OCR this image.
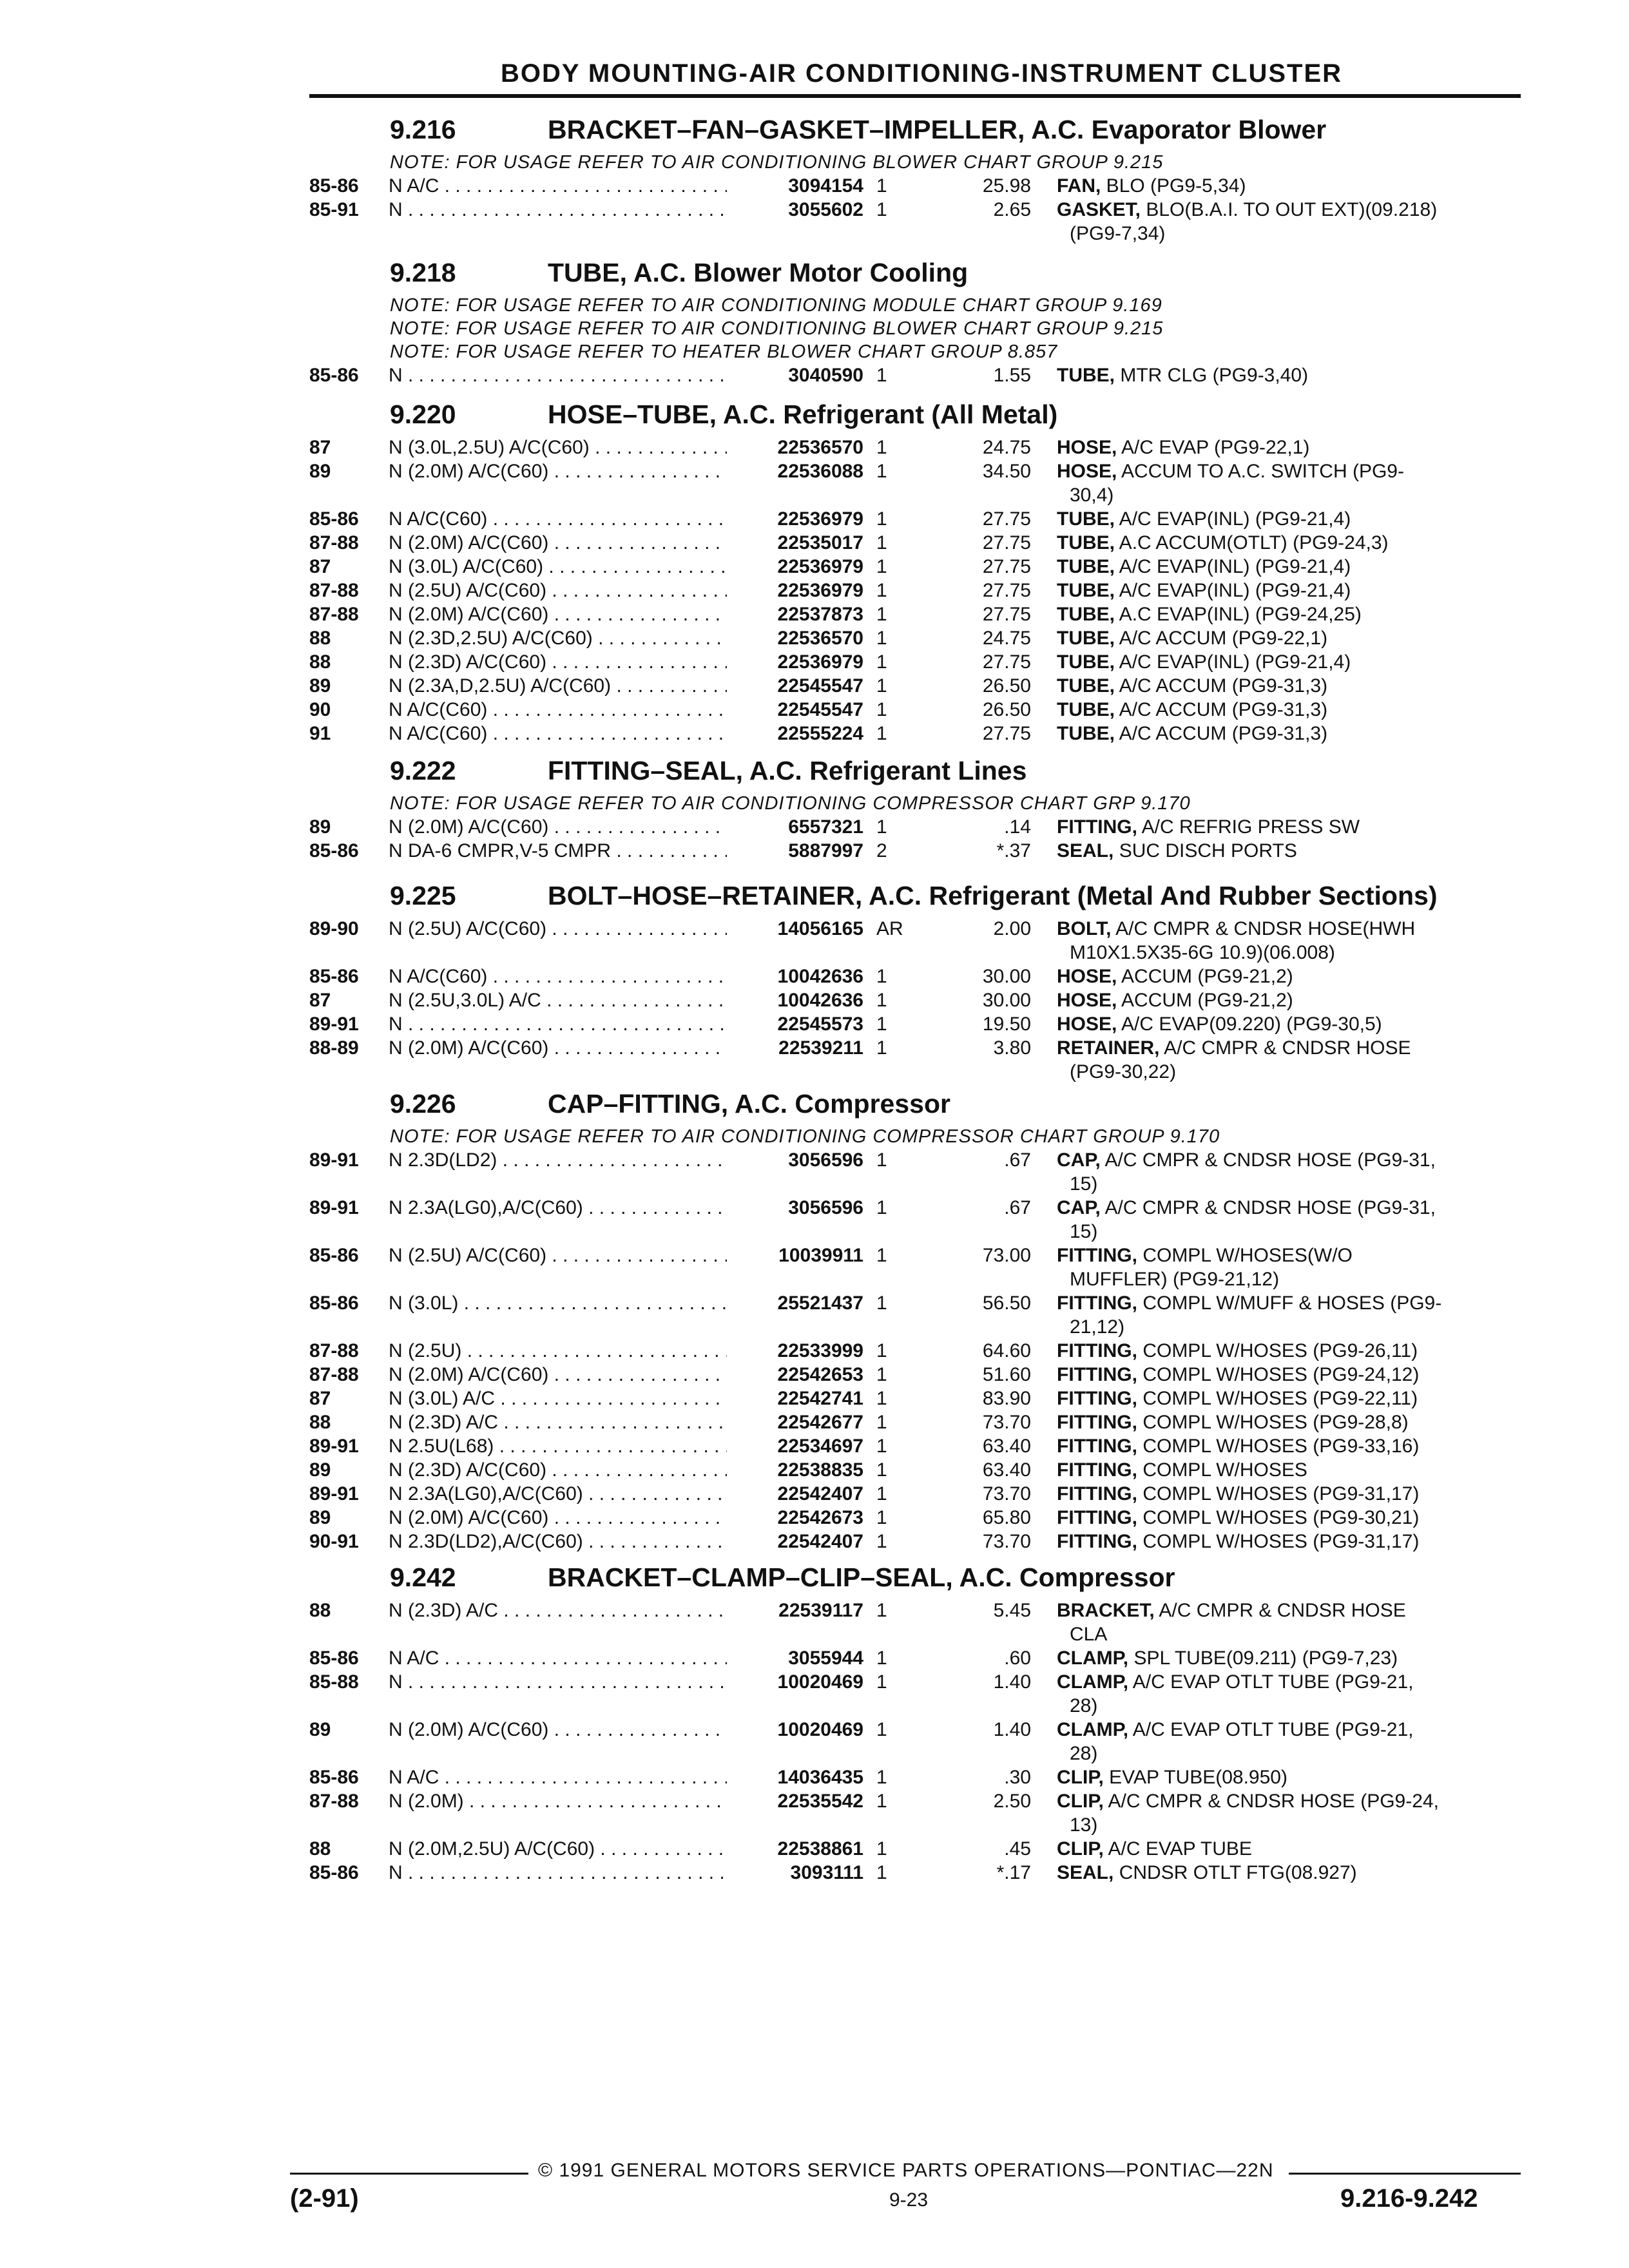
BODY MOUNTING-AIR CONDITIONING-INSTRUMENT CLUSTER
9.216	BRACKET–FAN–GASKET–IMPELLER, A.C. Evaporator Blower
NOTE: FOR USAGE REFER TO AIR CONDITIONING BLOWER CHART GROUP 9.215
85-86 N A/C . . .	3094154 1	25.98 FAN, BLO (PG9-5,34)
85-91 N . . .	3055602 1	2.65 GASKET, BLO(B.A.I. TO OUT EXT)(09.218)
(PG9-7,34)
9.218	TUBE, A.C. Blower Motor Cooling
NOTE: FOR USAGE REFER TO AIR CONDITIONING MODULE CHART GROUP 9.169
NOTE: FOR USAGE REFER TO AIR CONDITIONING BLOWER CHART GROUP 9.215
NOTE: FOR USAGE REFER TO HEATER BLOWER CHART GROUP 8.857
85-86 N . . .	3040590 1	1.55 TUBE, MTR CLG (PG9-3,40)
9.220	HOSE–TUBE, A.C. Refrigerant (All Metal)
87	N (3.0L,2.5U) A/C(C60) . . .	22536570 1	24.75 HOSE, A/C EVAP (PG9-22,1)
89	N (2.0M) A/C(C60) . . .	22536088 1	34.50 HOSE, ACCUM TO A.C. SWITCH (PG9-
30,4)
85-86 N A/C(C60) . . .	22536979 1	27.75 TUBE, A/C EVAP(INL) (PG9-21,4)
87-88 N (2.0M) A/C(C60) . . .	22535017 1	27.75 TUBE, A.C ACCUM(OTLT) (PG9-24,3)
87	N (3.0L) A/C(C60) . . .	22536979 1	27.75 TUBE, A/C EVAP(INL) (PG9-21,4)
87-88 N (2.5U) A/C(C60) . . .	22536979 1	27.75 TUBE, A/C EVAP(INL) (PG9-21,4)
87-88 N (2.0M) A/C(C60) . . .	22537873 1	27.75 TUBE, A.C EVAP(INL) (PG9-24,25)
88	N (2.3D,2.5U) A/C(C60) . . .	22536570 1	24.75 TUBE, A/C ACCUM (PG9-22,1)
88	N (2.3D) A/C(C60) . . .	22536979 1	27.75 TUBE, A/C EVAP(INL) (PG9-21,4)
89	N (2.3A,D,2.5U) A/C(C60) . . .	22545547 1	26.50 TUBE, A/C ACCUM (PG9-31,3)
90	N A/C(C60) . . .	22545547 1	26.50 TUBE, A/C ACCUM (PG9-31,3)
91	N A/C(C60) . . .	22555224 1	27.75 TUBE, A/C ACCUM (PG9-31,3)
9.222	FITTING–SEAL, A.C. Refrigerant Lines
NOTE: FOR USAGE REFER TO AIR CONDITIONING COMPRESSOR CHART GRP 9.170
89	N (2.0M) A/C(C60) . . .	6557321 1	.14 FITTING, A/C REFRIG PRESS SW
85-86 N DA-6 CMPR,V-5 CMPR . . .	5887997 2	*.37 SEAL, SUC DISCH PORTS
9.225	BOLT–HOSE–RETAINER, A.C. Refrigerant (Metal And Rubber Sections)
89-90 N (2.5U) A/C(C60) . . .	14056165 AR	2.00 BOLT, A/C CMPR & CNDSR HOSE(HWH
M10X1.5X35-6G 10.9)(06.008)
85-86 N A/C(C60) . . .	10042636 1	30.00 HOSE, ACCUM (PG9-21,2)
87	N (2.5U,3.0L) A/C . . .	10042636 1	30.00 HOSE, ACCUM (PG9-21,2)
89-91 N . . .	22545573 1	19.50 HOSE, A/C EVAP(09.220) (PG9-30,5)
88-89 N (2.0M) A/C(C60) . . .	22539211 1	3.80 RETAINER, A/C CMPR & CNDSR HOSE
(PG9-30,22)
9.226	CAP–FITTING, A.C. Compressor
NOTE: FOR USAGE REFER TO AIR CONDITIONING COMPRESSOR CHART GROUP 9.170
89-91 N 2.3D(LD2) . . .	3056596 1	.67 CAP, A/C CMPR & CNDSR HOSE (PG9-31,
15)
89-91 N 2.3A(LG0),A/C(C60) . . .	3056596 1	.67 CAP, A/C CMPR & CNDSR HOSE (PG9-31,
15)
85-86 N (2.5U) A/C(C60) . . .	10039911 1	73.00 FITTING, COMPL W/HOSES(W/O
MUFFLER) (PG9-21,12)
85-86 N (3.0L) . . .	25521437 1	56.50 FITTING, COMPL W/MUFF & HOSES (PG9-
21,12)
87-88 N (2.5U) . . .	22533999 1	64.60 FITTING, COMPL W/HOSES (PG9-26,11)
87-88 N (2.0M) A/C(C60) . . .	22542653 1	51.60 FITTING, COMPL W/HOSES (PG9-24,12)
87	N (3.0L) A/C . . .	22542741 1	83.90 FITTING, COMPL W/HOSES (PG9-22,11)
88	N (2.3D) A/C . . .	22542677 1	73.70 FITTING, COMPL W/HOSES (PG9-28,8)
89-91 N 2.5U(L68) . . .	22534697 1	63.40 FITTING, COMPL W/HOSES (PG9-33,16)
89	N (2.3D) A/C(C60) . . .	22538835 1	63.40 FITTING, COMPL W/HOSES
89-91 N 2.3A(LG0),A/C(C60) . . .	22542407 1	73.70 FITTING, COMPL W/HOSES (PG9-31,17)
89	N (2.0M) A/C(C60) . . .	22542673 1	65.80 FITTING, COMPL W/HOSES (PG9-30,21)
90-91 N 2.3D(LD2),A/C(C60) . . .	22542407 1	73.70 FITTING, COMPL W/HOSES (PG9-31,17)
9.242	BRACKET–CLAMP–CLIP–SEAL, A.C. Compressor
88	N (2.3D) A/C . . .	22539117 1	5.45 BRACKET, A/C CMPR & CNDSR HOSE
CLA
85-86 N A/C . . .	3055944 1	.60 CLAMP, SPL TUBE(09.211) (PG9-7,23)
85-88 N . . .	10020469 1	1.40 CLAMP, A/C EVAP OTLT TUBE (PG9-21,
28)
89	N (2.0M) A/C(C60) . . .	10020469 1	1.40 CLAMP, A/C EVAP OTLT TUBE (PG9-21,
28)
85-86 N A/C . . .	14036435 1	.30 CLIP, EVAP TUBE(08.950)
87-88 N (2.0M) . . .	22535542 1	2.50 CLIP, A/C CMPR & CNDSR HOSE (PG9-24,
13)
88	N (2.0M,2.5U) A/C(C60) . . .	22538861 1	.45 CLIP, A/C EVAP TUBE
85-86 N . . .	3093111 1	*.17 SEAL, CNDSR OTLT FTG(08.927)
© 1991 GENERAL MOTORS SERVICE PARTS OPERATIONS—PONTIAC—22N
(2-91)	9-23	9.216-9.242
